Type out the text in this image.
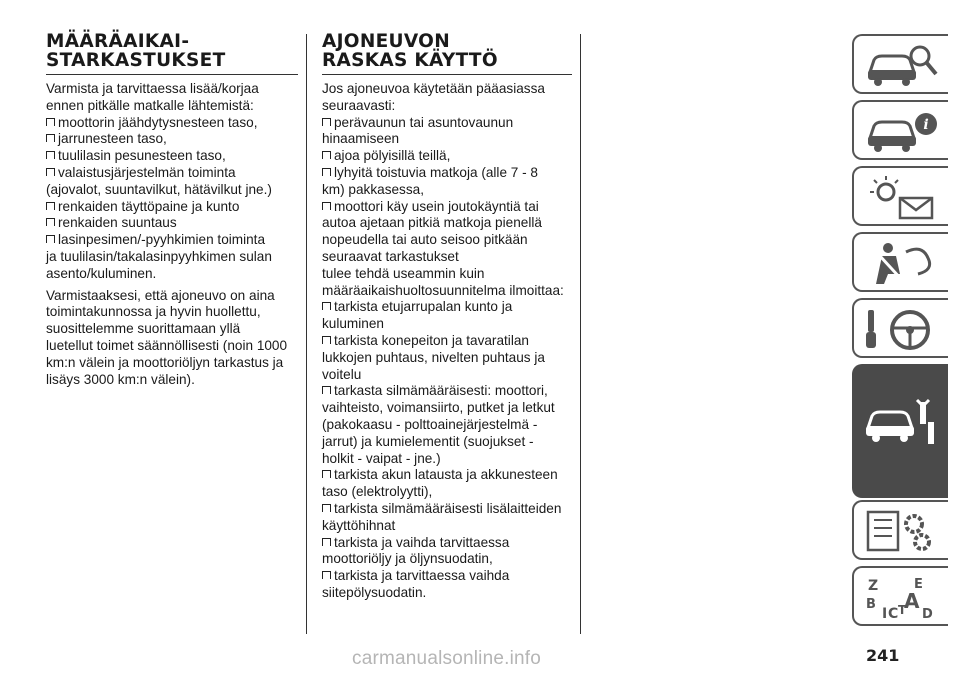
MÄÄRÄAIKAI-
STARKASTUKSET

Varmista ja tarvittaessa lisää/korjaa

ennen pitkälle matkalle lähtemistä:

moottorin jäähdytysnesteen taso,

jarrunesteen taso,

tuulilasin pesunesteen taso,

valaistusjärjestelmän toiminta

(ajovalot, suuntavilkut, hätävilkut jne.)

renkaiden täyttöpaine ja kunto

renkaiden suuntaus

lasinpesimen/-pyyhkimien toiminta

ja tuulilasin/takalasinpyyhkimen sulan

asento/kuluminen.

Varmistaaksesi, että ajoneuvo on aina

toimintakunnossa ja hyvin huollettu,

suosittelemme suorittamaan yllä

luetellut toimet säännöllisesti (noin 1000

km:n välein ja moottoriöljyn tarkastus ja

lisäys 3000 km:n välein).

AJONEUVON
RASKAS KÄYTTÖ

Jos ajoneuvoa käytetään pääasiassa

seuraavasti:

perävaunun tai asuntovaunun

hinaamiseen

ajoa pölyisillä teillä,

lyhyitä toistuvia matkoja (alle 7 - 8

km) pakkasessa,

moottori käy usein joutokäyntiä tai

autoa ajetaan pitkiä matkoja pienellä

nopeudella tai auto seisoo pitkään

seuraavat tarkastukset

tulee tehdä useammin kuin

määräaikaishuoltosuunnitelma ilmoittaa:

tarkista etujarrupalan kunto ja

kuluminen

tarkista konepeiton ja tavaratilan

lukkojen puhtaus, nivelten puhtaus ja

voitelu

tarkasta silmämääräisesti: moottori,

vaihteisto, voimansiirto, putket ja letkut

(pakokaasu - polttoainejärjestelmä -

jarrut) ja kumielementit (suojukset -

holkit - vaipat - jne.)

tarkista akun latausta ja akkunesteen

taso (elektrolyytti),

tarkista silmämääräisesti lisälaitteiden

käyttöhihnat

tarkista ja vaihda tarvittaessa

moottoriöljy ja öljynsuodatin,

tarkista ja tarvittaessa vaihda

siitepölysuodatin.

i
Z	E
B A
I C T D
241
carmanualsonline.info
